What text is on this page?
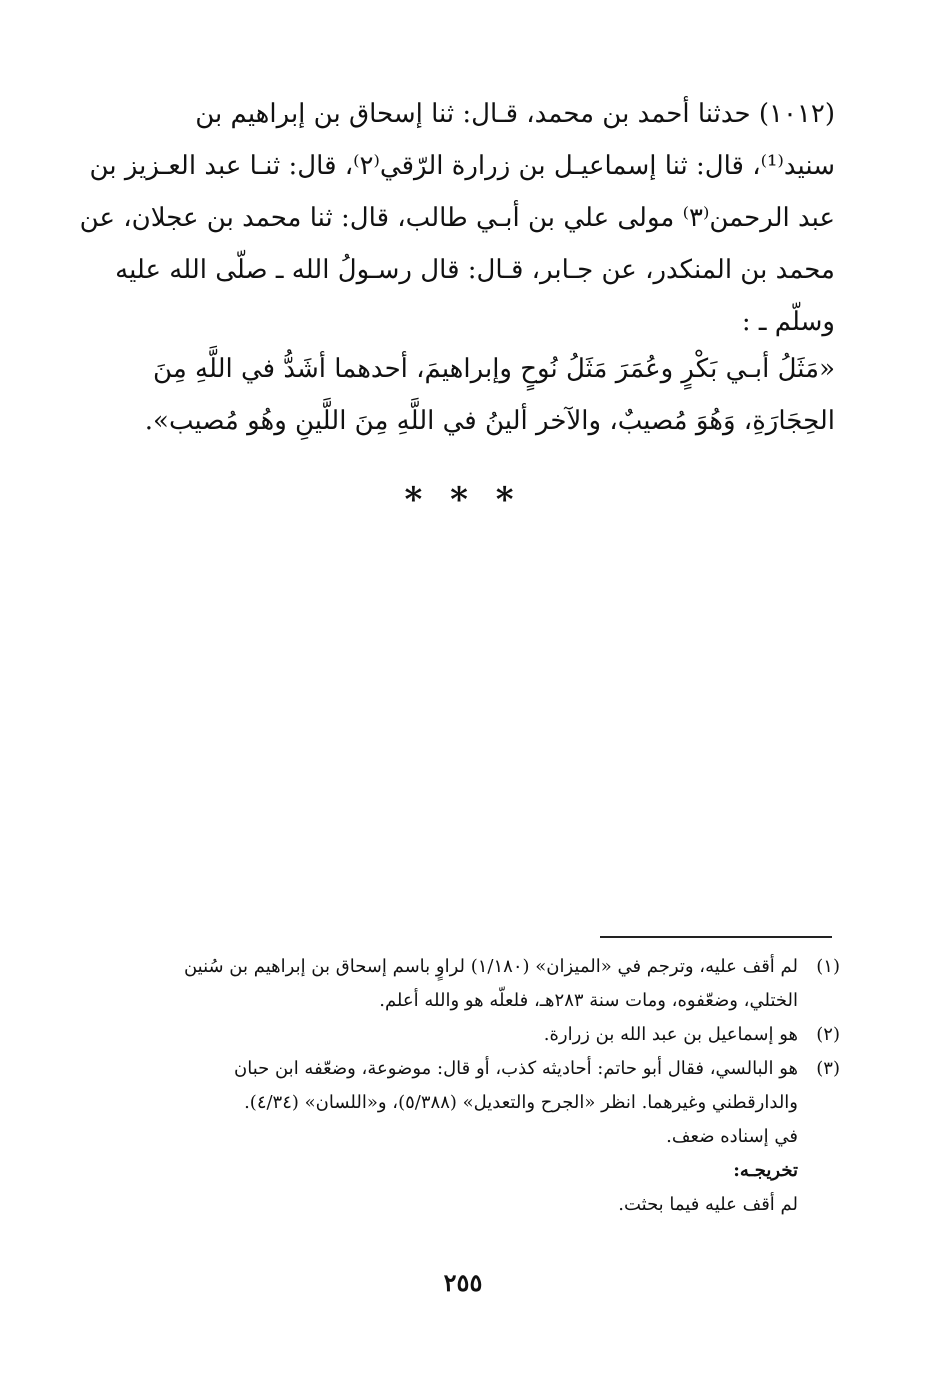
(١٠١٢) حدثنا أحمد بن محمد، قـال: ثنا إسحاق بن إبراهيم بن
سنيد⁽¹⁾، قال: ثنا إسماعيـل بن زرارة الرّقي⁽٢⁾، قال: ثنـا عبد العـزيز بن
عبد الرحمن⁽٣⁾ مولى علي بن أبـي طالب، قال: ثنا محمد بن عجلان، عن
محمد بن المنكدر، عن جـابر، قـال: قال رسـولُ الله ـ صلّى الله عليه
وسلّم ـ :
«مَثَلُ أبـي بَكْرٍ وعُمَرَ مَثَلُ نُوحٍ وإبراهيمَ، أحدهما أشَدُّ في اللَّهِ مِنَ
الحِجَارَةِ، وَهُوَ مُصيبٌ، والآخر ألينُ في اللَّهِ مِنَ اللَّينِ وهُو مُصيب».
* * *
(١)
لم أقف عليه، وترجم في «الميزان» (١/١٨٠) لراوٍ باسم إسحاق بن إبراهيم بن سُنين
الختلي، وضعّفوه، ومات سنة ٢٨٣هـ، فلعلّه هو والله أعلم.
(٢)
هو إسماعيل بن عبد الله بن زرارة.
(٣)
هو البالسي، فقال أبو حاتم: أحاديثه كذب، أو قال: موضوعة، وضعّفه ابن حبان
والدارقطني وغيرهما. انظر «الجرح والتعديل» (٥/٣٨٨)، و«اللسان» (٤/٣٤).
في إسناده ضعف.
تخريجـه:
لم أقف عليه فيما بحثت.
٢٥٥
